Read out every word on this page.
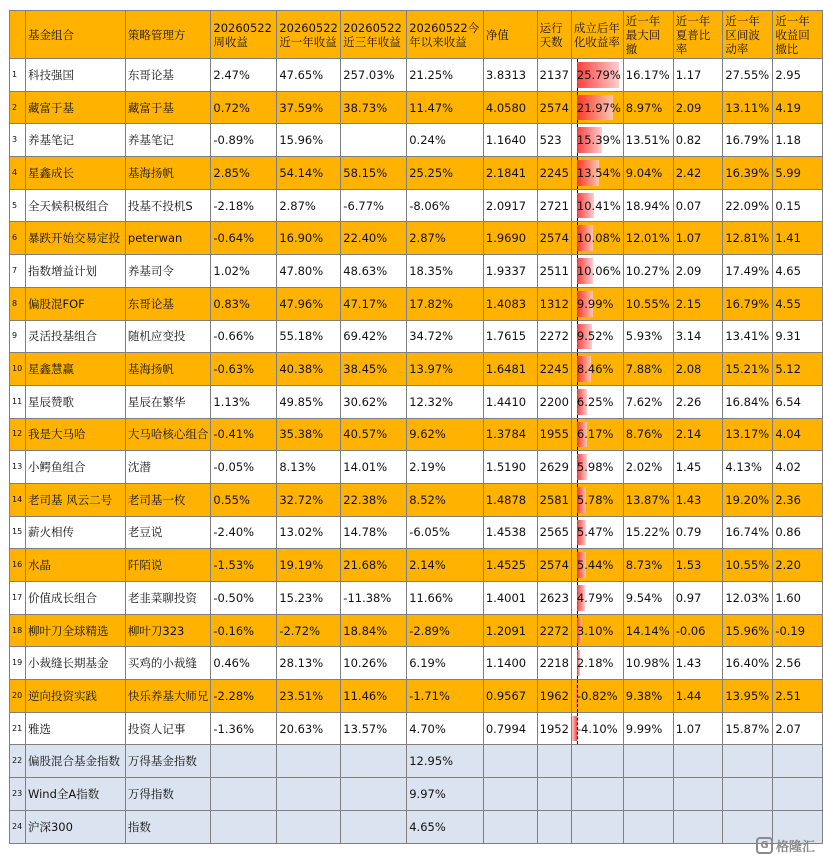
	基金组合	策略管理方	20260522周收益	20260522近一年收益	20260522近三年收益	20260522今年以来收益	净值	运行天数	成立后年化收益率	近一年最大回撤	近一年夏普比率	近一年区间波动率	近一年收益回撤比
1	科技强国	东哥论基	2.47%	47.65%	257.03%	21.25%	3.8313	2137	25.79%	16.17%	1.17	27.55%	2.95
2	藏富于基	藏富于基	0.72%	37.59%	38.73%	11.47%	4.0580	2574	21.97%	8.97%	2.09	13.11%	4.19
3	养基笔记	养基笔记	-0.89%	15.96%		0.24%	1.1640	523	15.39%	13.51%	0.82	16.79%	1.18
4	星鑫成长	基海扬帆	2.85%	54.14%	58.15%	25.25%	2.1841	2245	13.54%	9.04%	2.42	16.39%	5.99
5	全天候积极组合	投基不投机S	-2.18%	2.87%	-6.77%	-8.06%	2.0917	2721	10.41%	18.94%	0.07	22.09%	0.15
6	暴跌开始交易定投	peterwan	-0.64%	16.90%	22.40%	2.87%	1.9690	2574	10.08%	12.01%	1.07	12.81%	1.41
7	指数增益计划	养基司令	1.02%	47.80%	48.63%	18.35%	1.9337	2511	10.06%	10.27%	2.09	17.49%	4.65
8	偏股混FOF	东哥论基	0.83%	47.96%	47.17%	17.82%	1.4083	1312	9.99%	10.55%	2.15	16.79%	4.55
9	灵活投基组合	随机应变投	-0.66%	55.18%	69.42%	34.72%	1.7615	2272	9.52%	5.93%	3.14	13.41%	9.31
10	星鑫慧赢	基海扬帆	-0.63%	40.38%	38.45%	13.97%	1.6481	2245	8.46%	7.88%	2.08	15.21%	5.12
11	星辰赞歌	星辰在繁华	1.13%	49.85%	30.62%	12.32%	1.4410	2200	6.25%	7.62%	2.26	16.84%	6.54
12	我是大马哈	大马哈核心组合	-0.41%	35.38%	40.57%	9.62%	1.3784	1955	6.17%	8.76%	2.14	13.17%	4.04
13	小鳄鱼组合	沈潜	-0.05%	8.13%	14.01%	2.19%	1.5190	2629	5.98%	2.02%	1.45	4.13%	4.02
14	老司基 风云二号	老司基一枚	0.55%	32.72%	22.38%	8.52%	1.4878	2581	5.78%	13.87%	1.43	19.20%	2.36
15	薪火相传	老豆说	-2.40%	13.02%	14.78%	-6.05%	1.4538	2565	5.47%	15.22%	0.79	16.74%	0.86
16	水晶	阡陌说	-1.53%	19.19%	21.68%	2.14%	1.4525	2574	5.44%	8.73%	1.53	10.55%	2.20
17	价值成长组合	老韭菜聊投资	-0.50%	15.23%	-11.38%	11.66%	1.4001	2623	4.79%	9.54%	0.97	12.03%	1.60
18	柳叶刀全球精选	柳叶刀323	-0.16%	-2.72%	18.84%	-2.89%	1.2091	2272	3.10%	14.14%	-0.06	15.96%	-0.19
19	小裁缝长期基金	买鸡的小裁缝	0.46%	28.13%	10.26%	6.19%	1.1400	2218	2.18%	10.98%	1.43	16.40%	2.56
20	逆向投资实践	快乐养基大师兄	-2.28%	23.51%	11.46%	-1.71%	0.9567	1962	-0.82%	9.38%	1.44	13.95%	2.51
21	雅选	投资人记事	-1.36%	20.63%	13.57%	4.70%	0.7994	1952	-4.10%	9.99%	1.07	15.87%	2.07
22	偏股混合基金指数	万得基金指数				12.95%							
23	Wind全A指数	万得指数				9.97%							
24	沪深300	指数				4.65%							
G 格隆汇
